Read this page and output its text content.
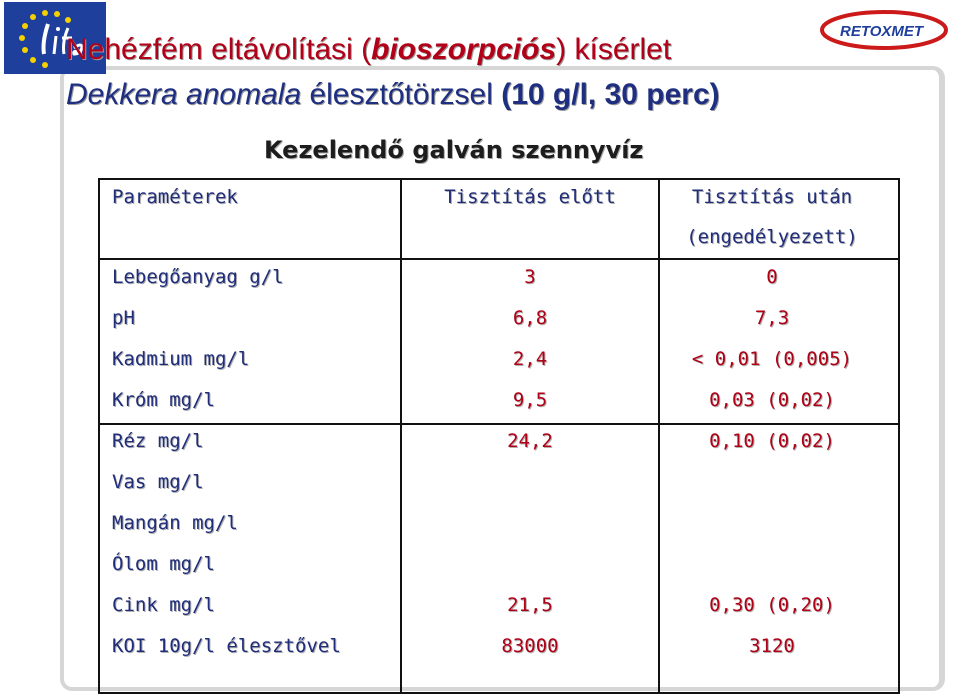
RETOXMET

Nehézfém eltávolítási (bioszorpciós) kísérlet

Dekkera anomala élesztőtörzsel (10 g/l, 30 perc)

Kezelendő galván szennyvíz
Paraméterek	Tisztítás előtt	Tisztítás után
(engedélyezett)
Lebegőanyag g/l	3	0
pH	6,8	7,3
Kadmium mg/l	2,4	< 0,01 (0,005)
Króm mg/l	9,5	0,03 (0,02)
Réz mg/l	24,2	0,10 (0,02)
Vas mg/l
Mangán mg/l
Ólom mg/l
Cink mg/l	21,5	0,30 (0,20)
KOI 10g/l élesztővel	83000	3120
